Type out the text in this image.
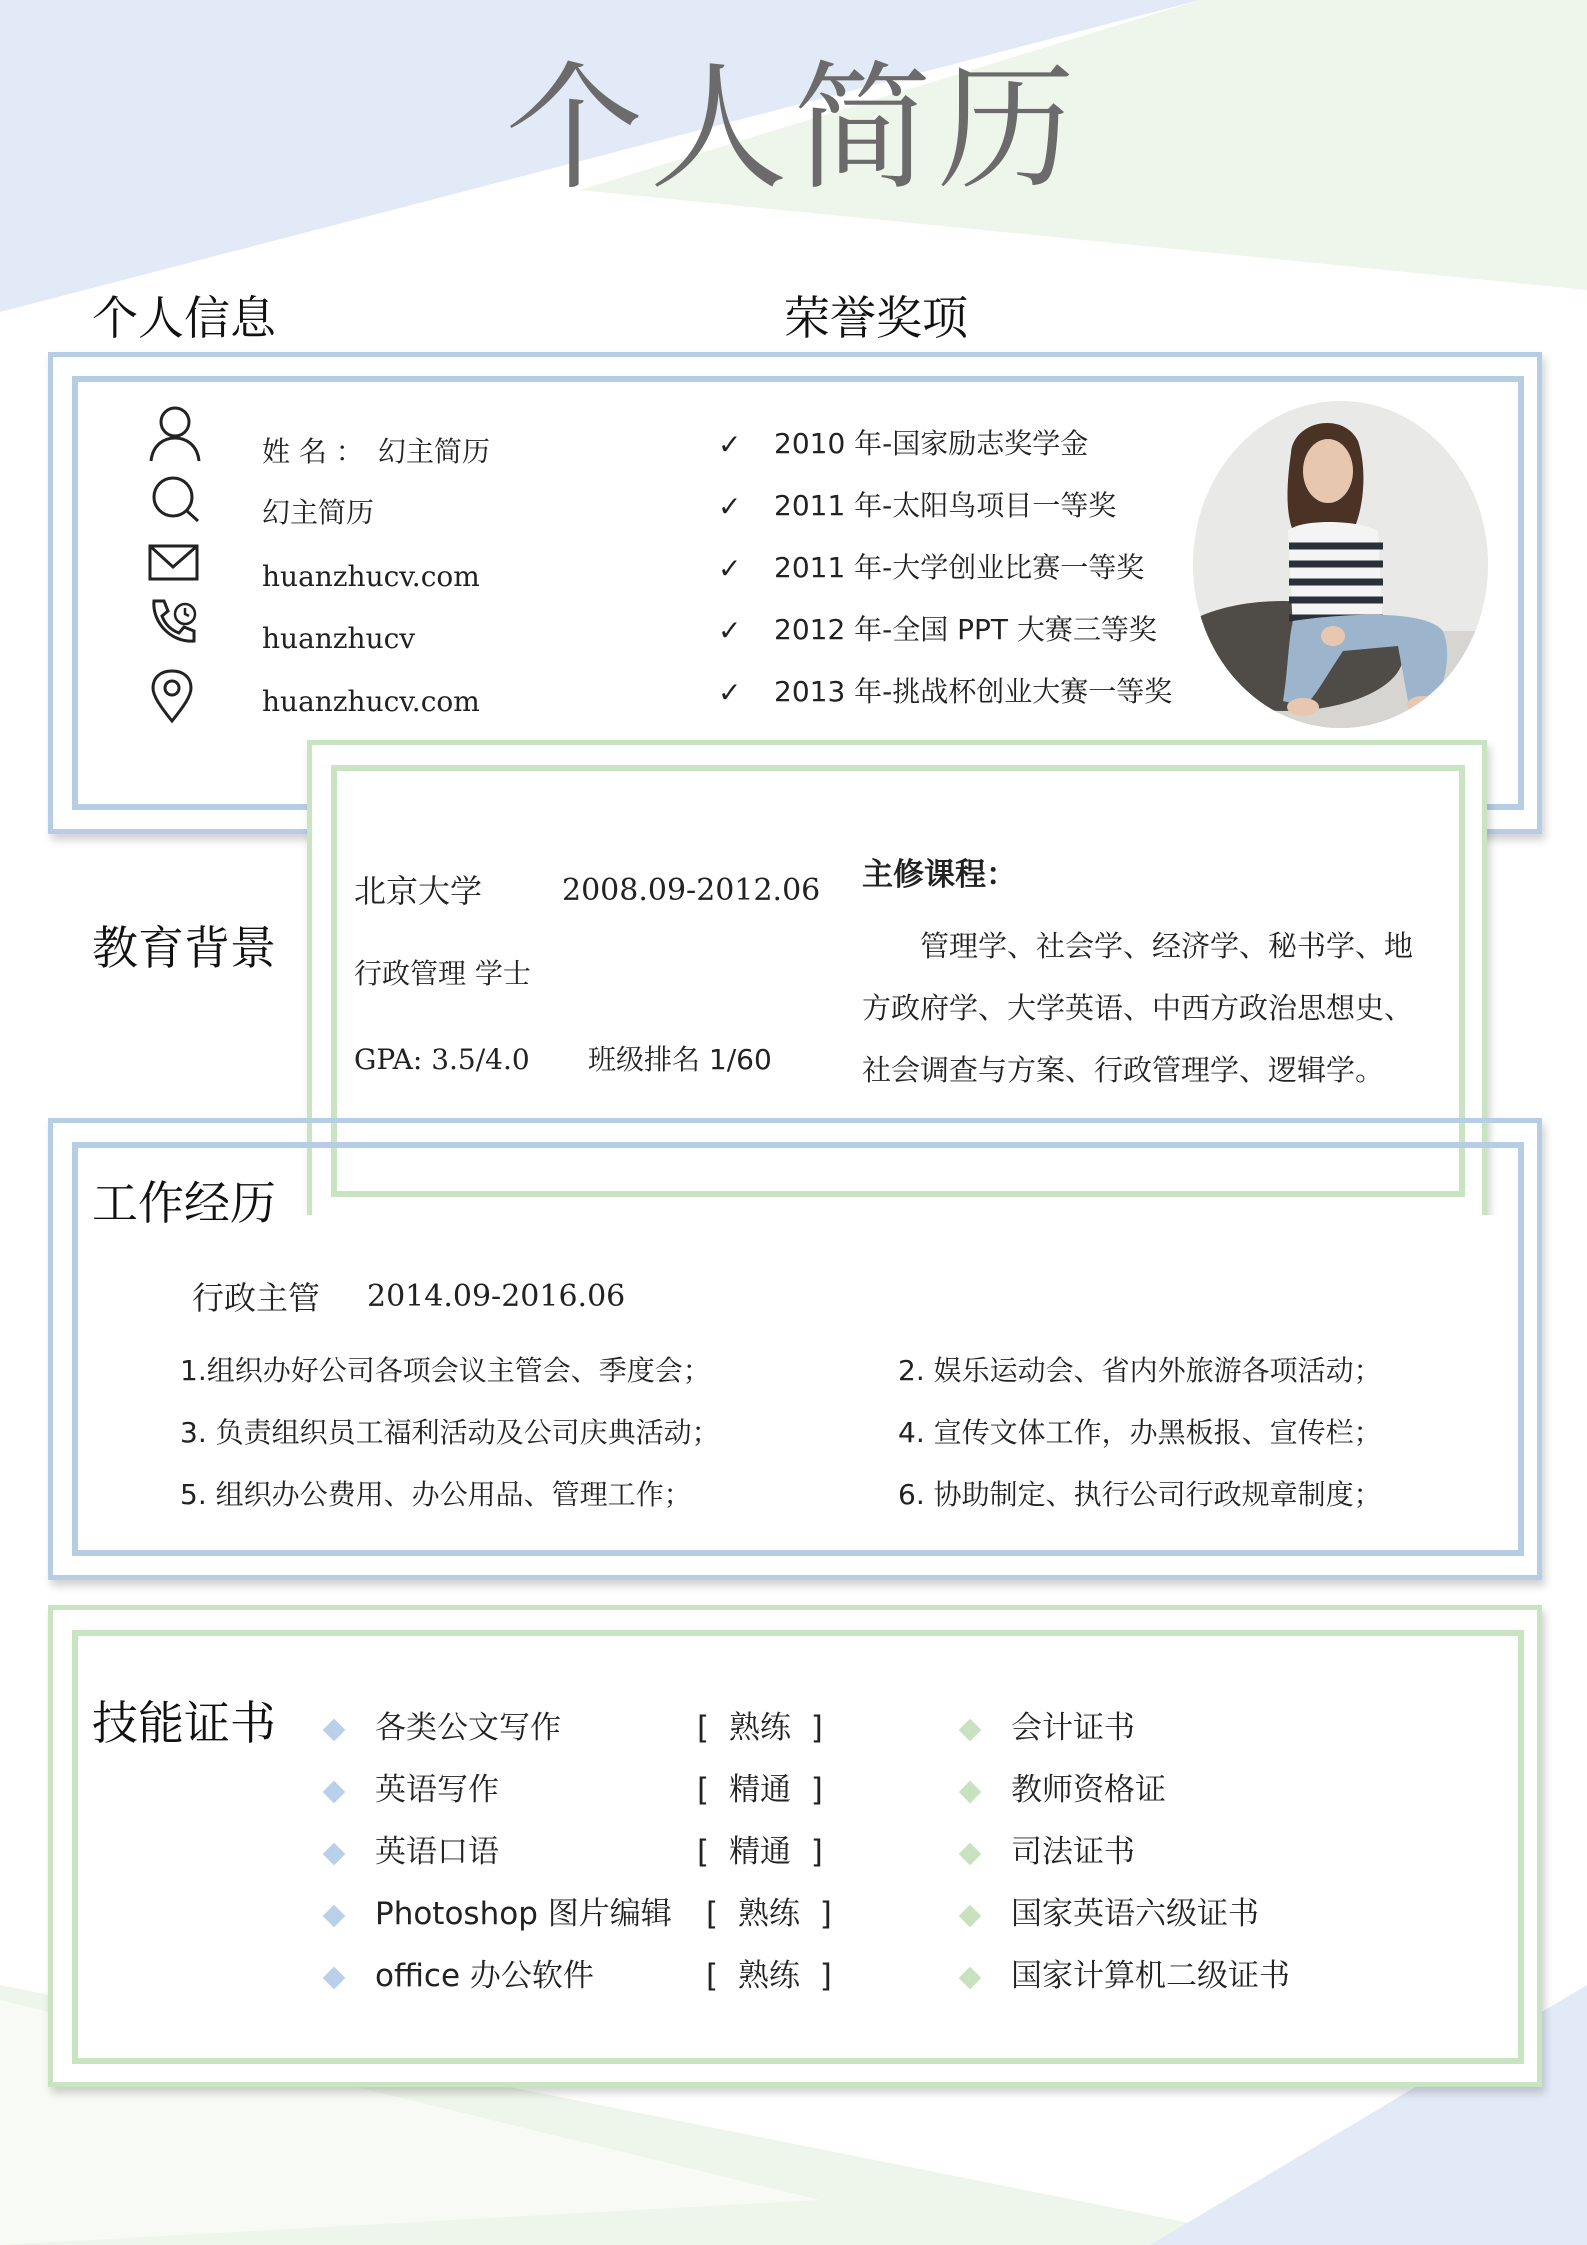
个人简历
个人信息	荣誉奖项
姓 名 ： 幻主简历
幻主简历
huanzhucv.com
huanzhucv
huanzhucv.com
✓ 2010 年-国家励志奖学金
✓ 2011 年-太阳鸟项目一等奖
✓ 2011 年-大学创业比赛一等奖
✓ 2012 年-全国 PPT 大赛三等奖
✓ 2013 年-挑战杯创业大赛一等奖
教育背景
北京大学	2008.09-2012.06
行政管理 学士
GPA: 3.5/4.0 班级排名 1/60
主修课程：
管理学、社会学、经济学、秘书学、地方政府学、大学英语、中西方政治思想史、社会调查与方案、行政管理学、逻辑学。
工作经历
行政主管 2014.09-2016.06
1.组织办好公司各项会议主管会、季度会；	2. 娱乐运动会、省内外旅游各项活动；
3. 负责组织员工福利活动及公司庆典活动；	4. 宣传文体工作，办黑板报、宣传栏；
5. 组织办公费用、办公用品、管理工作；	6. 协助制定、执行公司行政规章制度；
技能证书	各类公文写作	[ 熟练 ]	会计证书
英语写作	[ 精通 ]	教师资格证
英语口语	[ 精通 ]	司法证书
Photoshop 图片编辑 [ 熟练 ]	国家英语六级证书
office 办公软件	[ 熟练 ]	国家计算机二级证书
